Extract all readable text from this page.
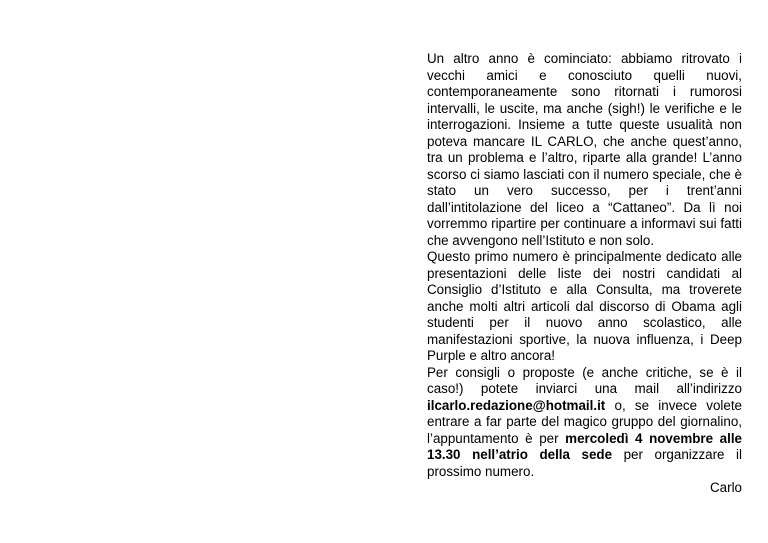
Un altro anno è cominciato: abbiamo ritrovato i vecchi amici e conosciuto quelli nuovi, contemporaneamente sono ritornati i rumorosi intervalli, le uscite, ma anche (sigh!) le verifiche e le interrogazioni. Insieme a tutte queste usualità non poteva mancare IL CARLO, che anche quest’anno, tra un problema e l’altro, riparte alla grande! L’anno scorso ci siamo lasciati con il numero speciale, che è stato un vero successo, per i trent’anni dall’intitolazione del liceo a “Cattaneo”. Da lì noi vorremmo ripartire per continuare a informavi sui fatti che avvengono nell’Istituto e non solo.

Questo primo numero è principalmente dedicato alle presentazioni delle liste dei nostri candidati al Consiglio d’Istituto e alla Consulta, ma troverete anche molti altri articoli dal discorso di Obama agli studenti per il nuovo anno scolastico, alle manifestazioni sportive, la nuova influenza, i Deep Purple e altro ancora!

Per consigli o proposte (e anche critiche, se è il caso!) potete inviarci una mail all’indirizzo ilcarlo.redazione@hotmail.it o, se invece volete entrare a far parte del magico gruppo del giornalino, l’appuntamento è per mercoledì 4 novembre alle 13.30 nell’atrio della sede per organizzare il prossimo numero.

Carlo
